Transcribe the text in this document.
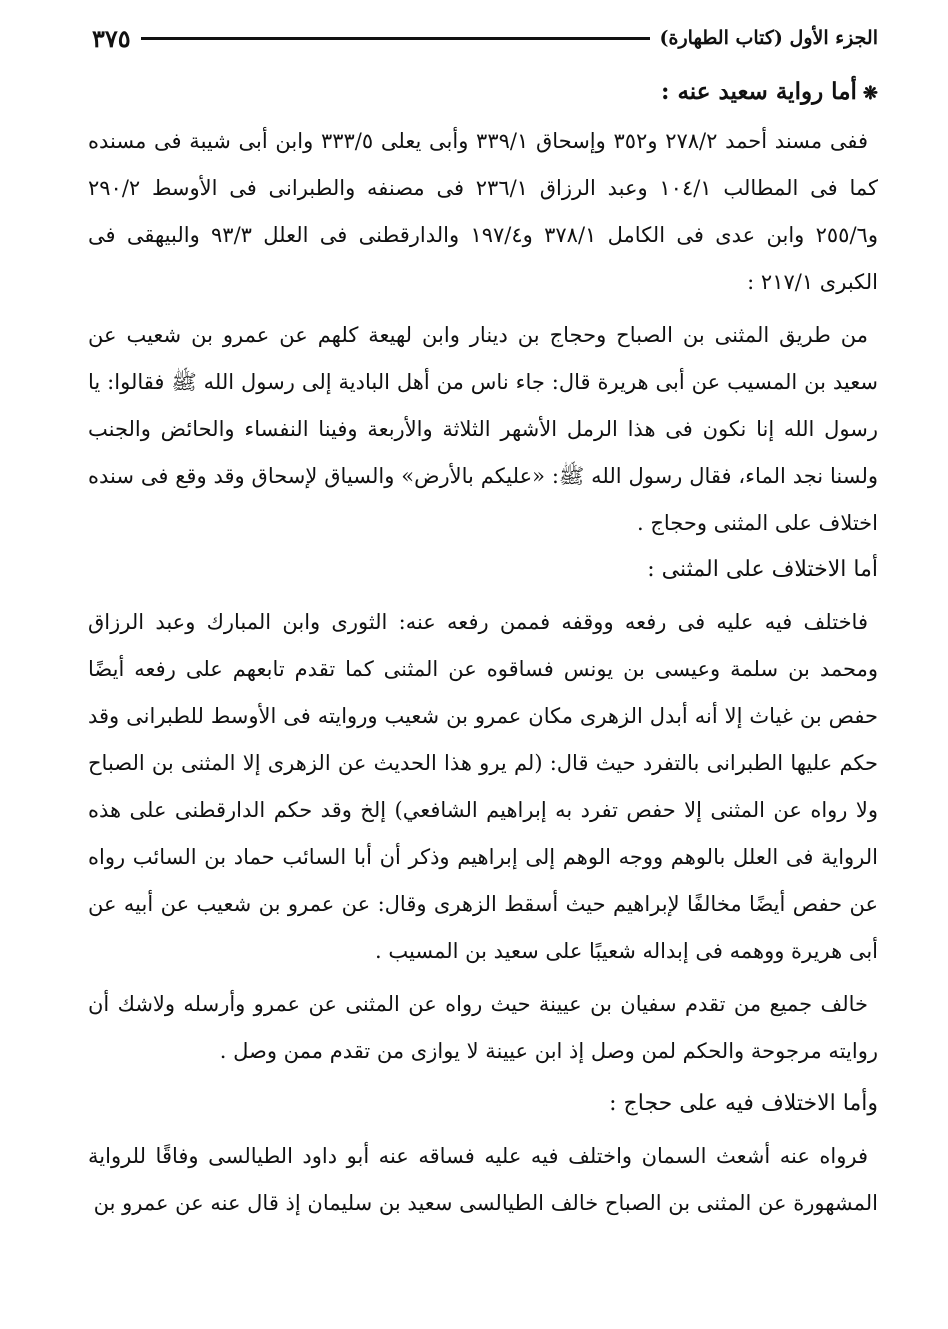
الجزء الأول (كتاب الطهارة)
٣٧٥

❋أما رواية سعيد عنه :

ففى مسند أحمد ٢٧٨/٢ و٣٥٢ وإسحاق ٣٣٩/١ وأبى يعلى ٣٣٣/٥ وابن أبى شيبة فى مسنده كما فى المطالب ١٠٤/١ وعبد الرزاق ٢٣٦/١ فى مصنفه والطبرانى فى الأوسط ٢٩٠/٢ و٢٥٥/٦ وابن عدى فى الكامل ٣٧٨/١ و١٩٧/٤ والدارقطنى فى العلل ٩٣/٣ والبيهقى فى الكبرى ٢١٧/١ :

من طريق المثنى بن الصباح وحجاج بن دينار وابن لهيعة كلهم عن عمرو بن شعيب عن سعيد بن المسيب عن أبى هريرة قال: جاء ناس من أهل البادية إلى رسول الله ﷺ فقالوا: يا رسول الله إنا نكون فى هذا الرمل الأشهر الثلاثة والأربعة وفينا النفساء والحائض والجنب ولسنا نجد الماء، فقال رسول الله ﷺ: «عليكم بالأرض» والسياق لإسحاق وقد وقع فى سنده اختلاف على المثنى وحجاج .

أما الاختلاف على المثنى :

فاختلف فيه عليه فى رفعه ووقفه فممن رفعه عنه: الثورى وابن المبارك وعبد الرزاق ومحمد بن سلمة وعيسى بن يونس فساقوه عن المثنى كما تقدم تابعهم على رفعه أيضًا حفص بن غياث إلا أنه أبدل الزهرى مكان عمرو بن شعيب وروايته فى الأوسط للطبرانى وقد حكم عليها الطبرانى بالتفرد حيث قال: (لم يرو هذا الحديث عن الزهرى إلا المثنى بن الصباح ولا رواه عن المثنى إلا حفص تفرد به إبراهيم الشافعي) إلخ وقد حكم الدارقطنى على هذه الرواية فى العلل بالوهم ووجه الوهم إلى إبراهيم وذكر أن أبا السائب حماد بن السائب رواه عن حفص أيضًا مخالفًا لإبراهيم حيث أسقط الزهرى وقال: عن عمرو بن شعيب عن أبيه عن أبى هريرة ووهمه فى إبداله شعيبًا على سعيد بن المسيب .

خالف جميع من تقدم سفيان بن عيينة حيث رواه عن المثنى عن عمرو وأرسله ولاشك أن روايته مرجوحة والحكم لمن وصل إذ ابن عيينة لا يوازى من تقدم ممن وصل .

وأما الاختلاف فيه على حجاج :

فرواه عنه أشعث السمان واختلف فيه عليه فساقه عنه أبو داود الطيالسى وفاقًا للرواية المشهورة عن المثنى بن الصباح خالف الطيالسى سعيد بن سليمان إذ قال عنه عن عمرو بن
